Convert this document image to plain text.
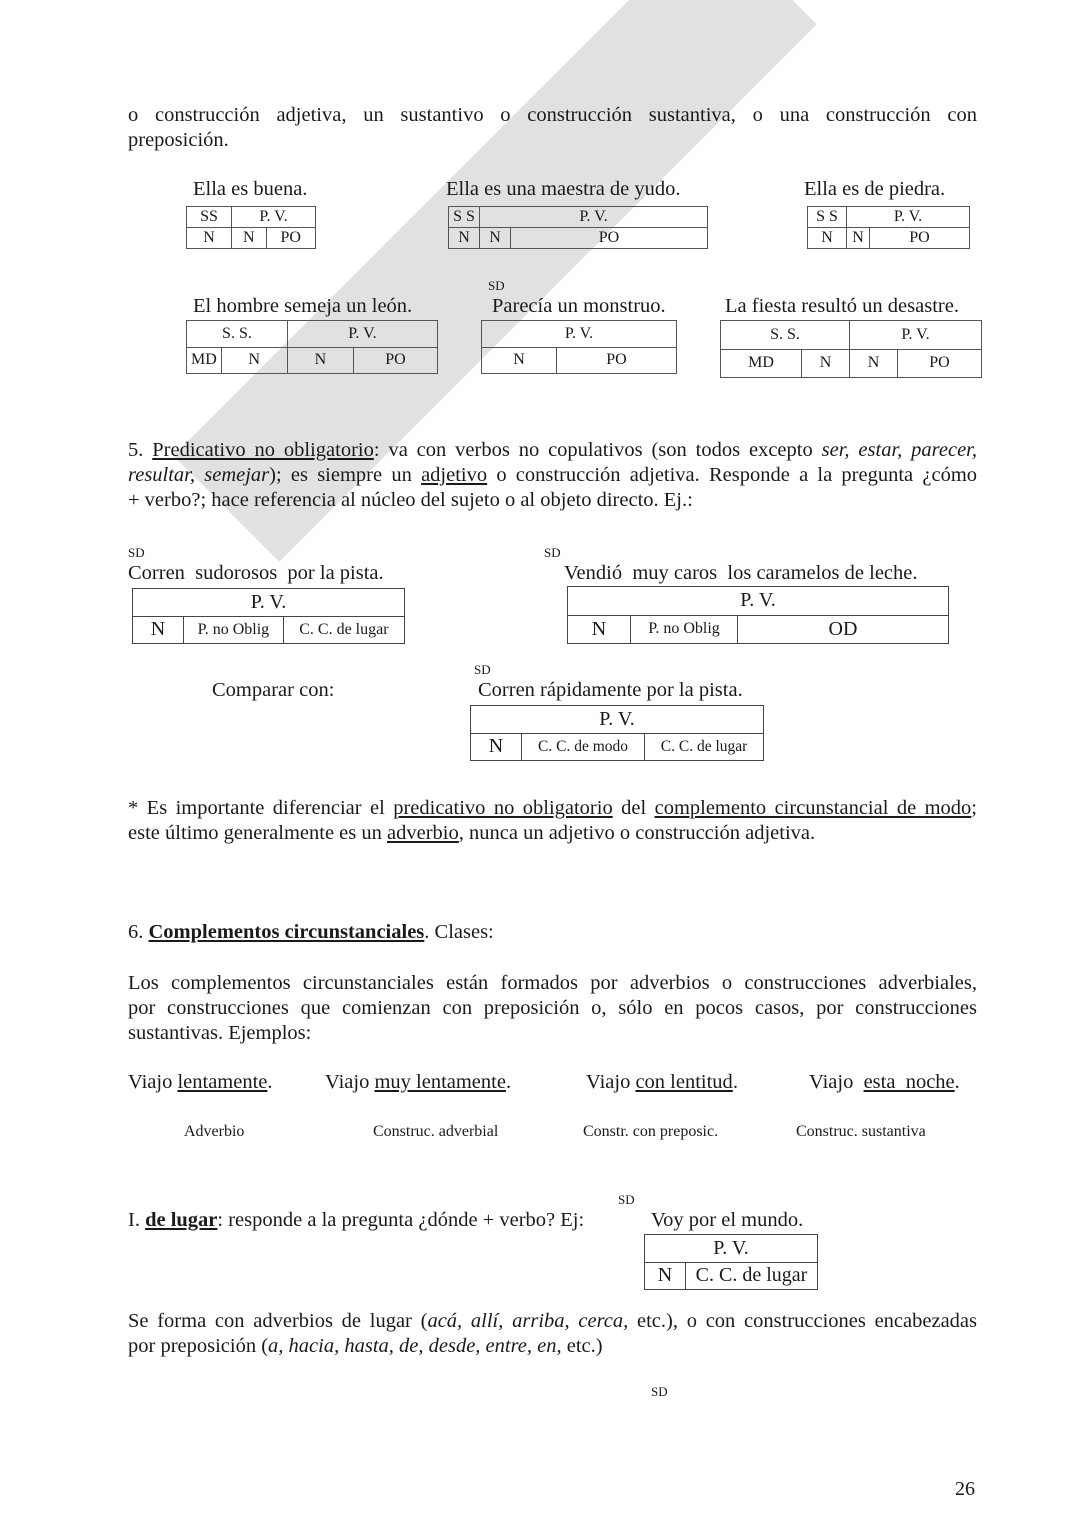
o construcción adjetiva, un sustantivo o construcción sustantiva, o una construcción con
preposición.
Ella es buena.
SS	P. V.	
N	N	PO
Ella es una maestra de yudo.
S S	P. V.	
N	N	PO
Ella es de piedra.
S S	P. V.	
N	N	PO
SD
El hombre semeja un león.
S. S.		P. V.	
MD	N	N	PO
Parecía un monstruo.
P. V.
N	PO
La fiesta resultó un desastre.
S. S.		P. V.	
MD	N	N	PO
5. Predicativo no obligatorio: va con verbos no copulativos (son todos excepto ser, estar, parecer,
resultar, semejar); es siempre un adjetivo o construcción adjetiva. Responde a la pregunta ¿cómo
+ verbo?; hace referencia al núcleo del sujeto o al objeto directo. Ej.:
SD
Corren  sudorosos  por la pista.
P. V.
N	P. no Oblig	C. C. de lugar
SD
Vendió  muy caros  los caramelos de leche.
P. V.
N	P. no Oblig	OD
Comparar con:
SD
Corren rápidamente por la pista.
P. V.
N	C. C. de modo	C. C. de lugar
* Es importante diferenciar el predicativo no obligatorio del complemento circunstancial de modo;
este último generalmente es un adverbio, nunca un adjetivo o construcción adjetiva.
6. Complementos circunstanciales. Clases:
Los complementos circunstanciales están formados por adverbios o construcciones adverbiales,
por construcciones que comienzan con preposición o, sólo en pocos casos, por construcciones
sustantivas. Ejemplos:
Viajo lentamente.	Viajo muy lentamente.	Viajo con lentitud.	Viajo  esta  noche.
Adverbio	Construc. adverbial	Constr. con preposic.	Construc. sustantiva
SD
I. de lugar: responde a la pregunta ¿dónde + verbo? Ej:	Voy por el mundo.
P. V.
N	C. C. de lugar
Se forma con adverbios de lugar (acá, allí, arriba, cerca, etc.), o con construcciones encabezadas
por preposición (a, hacia, hasta, de, desde, entre, en, etc.)
SD
26
